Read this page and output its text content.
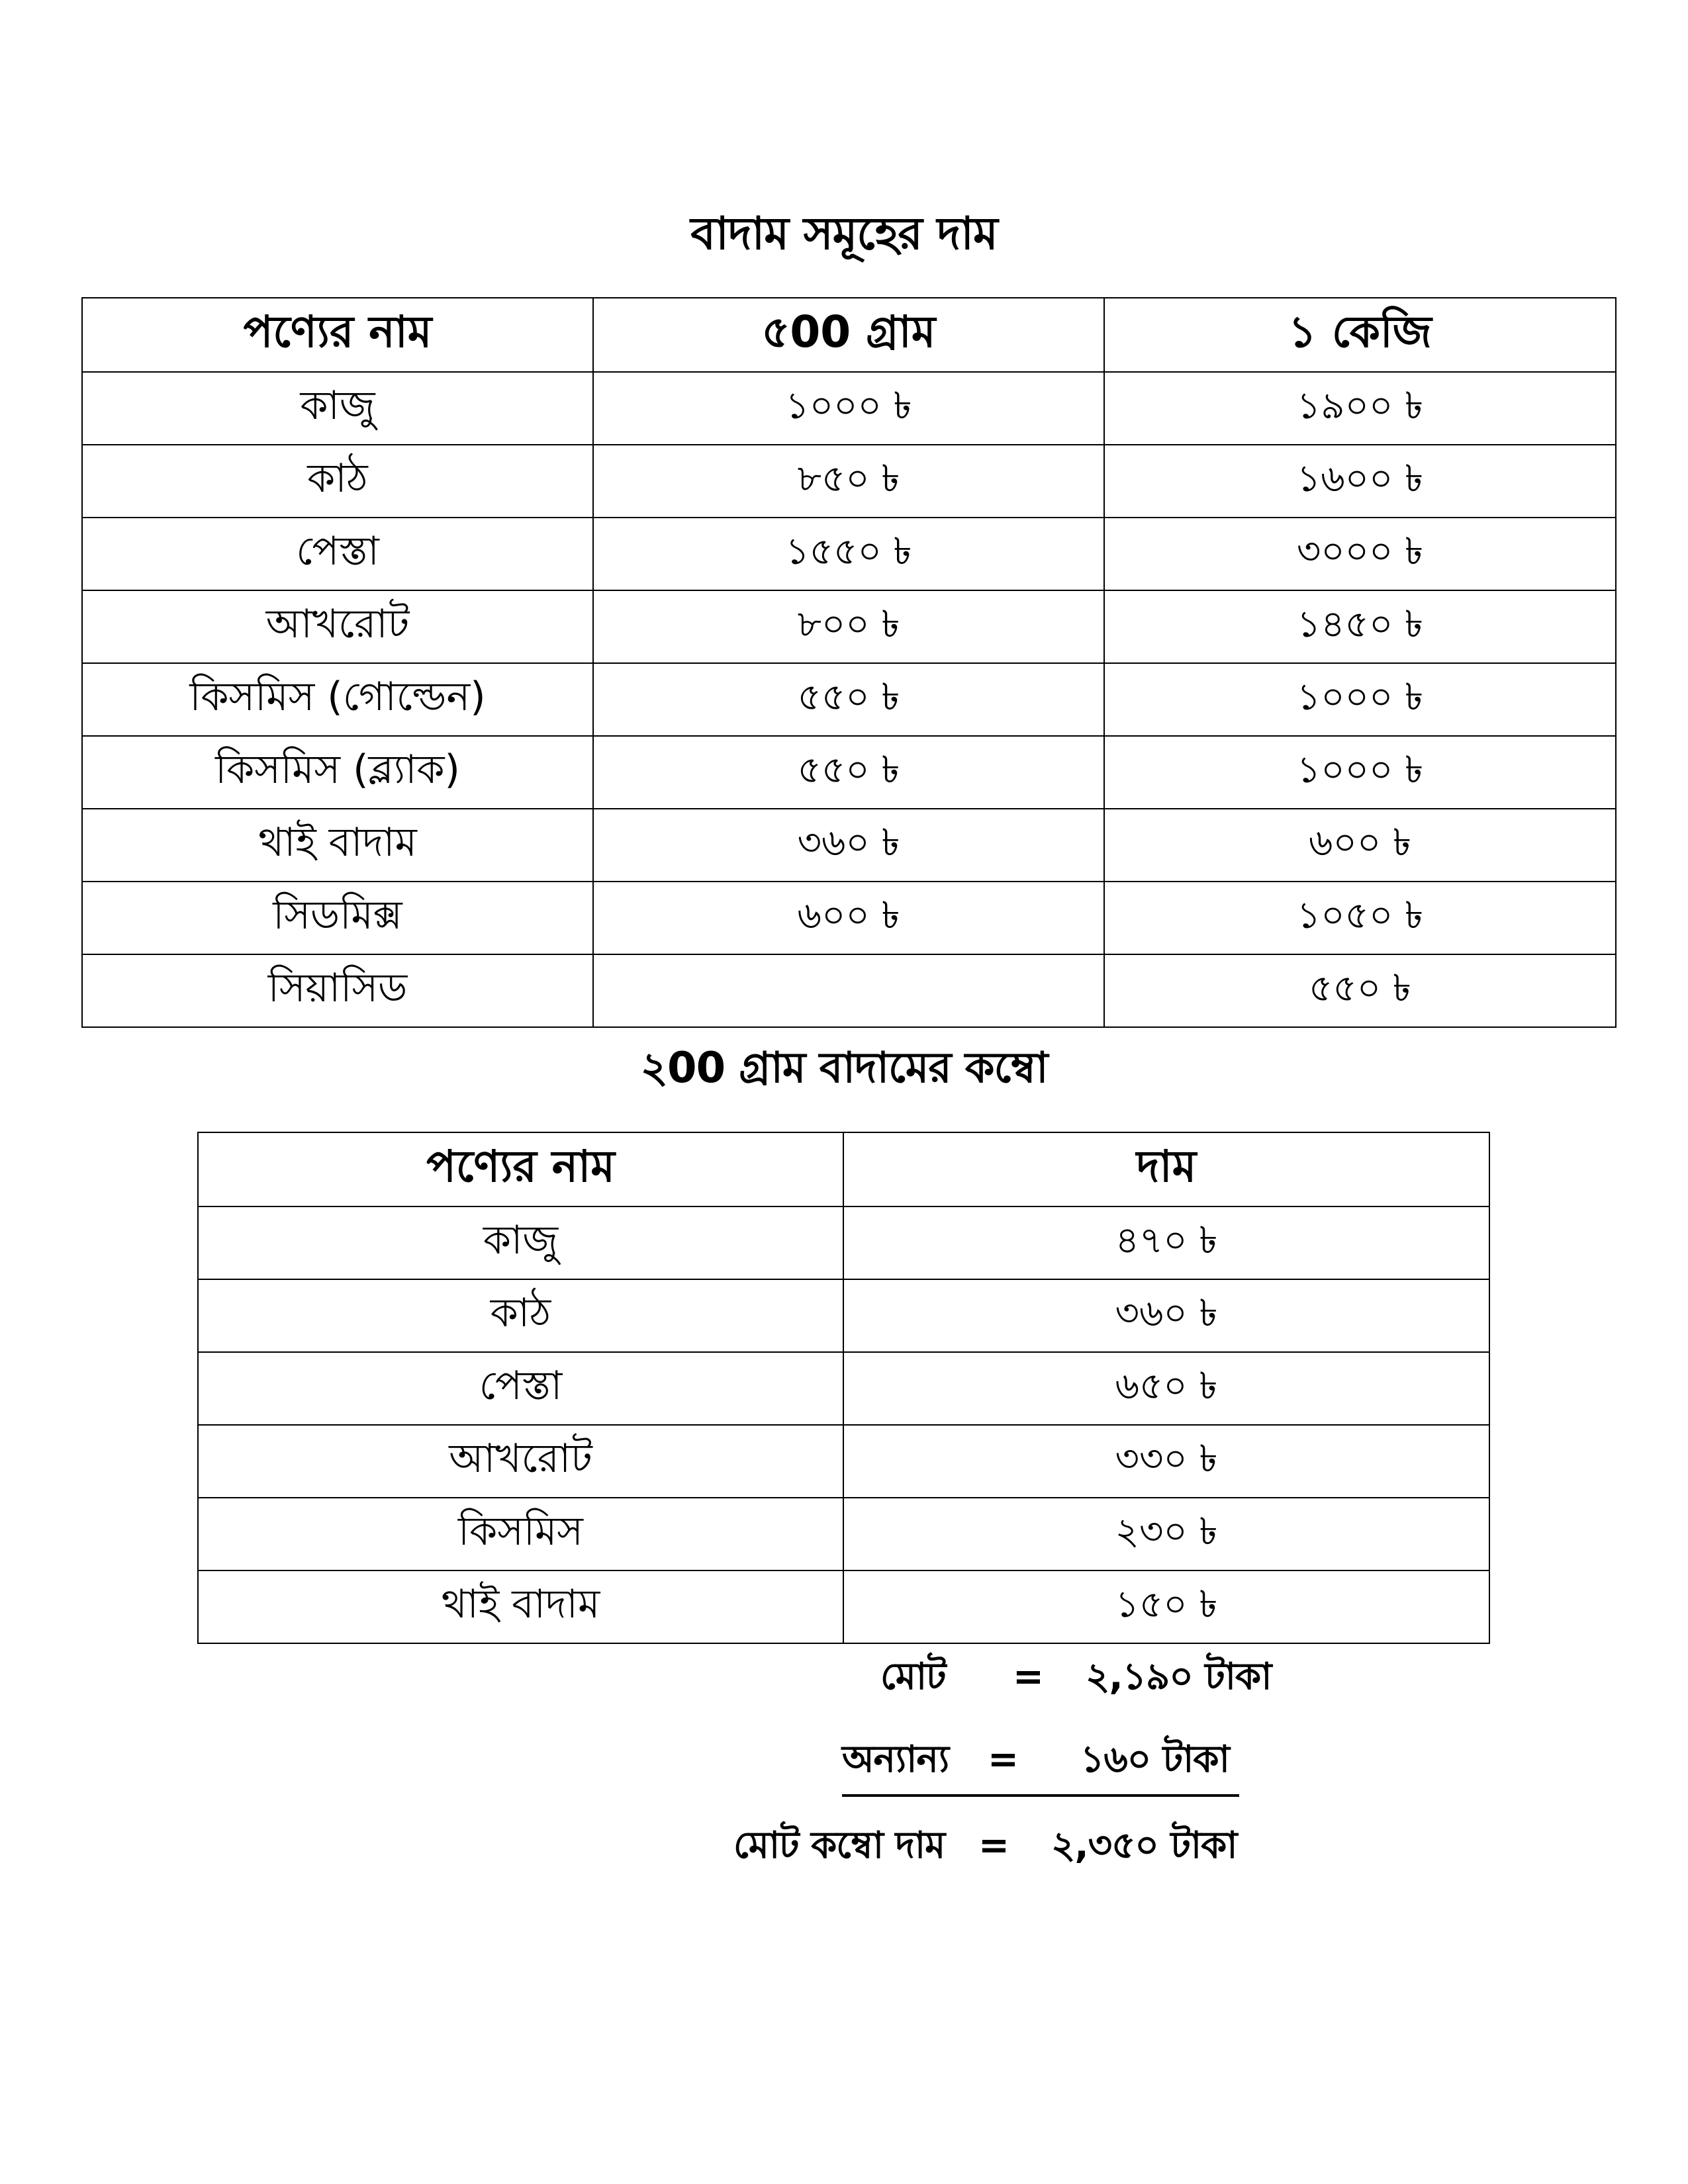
বাদাম সমূহের দাম
পণ্যের নাম	৫00 গ্রাম	১ কেজি
কাজু	১০০০ ৳	১৯০০ ৳
কাঠ	৮৫০ ৳	১৬০০ ৳
পেস্তা	১৫৫০ ৳	৩০০০ ৳
আখরোট	৮০০ ৳	১৪৫০ ৳
কিসমিস (গোল্ডেন)	৫৫০ ৳	১০০০ ৳
কিসমিস (ব্ল্যাক)	৫৫০ ৳	১০০০ ৳
থাই বাদাম	৩৬০ ৳	৬০০ ৳
সিডমিক্স	৬০০ ৳	১০৫০ ৳
সিয়াসিড		৫৫০ ৳
২00 গ্রাম বাদামের কম্বো
পণ্যের নাম	দাম
কাজু	৪৭০ ৳
কাঠ	৩৬০ ৳
পেস্তা	৬৫০ ৳
আখরোট	৩৩০ ৳
কিসমিস	২৩০ ৳
থাই বাদাম	১৫০ ৳
মোট = ২,১৯০ টাকা
অন্যান্য = ১৬০ টাকা
মোট কম্বো দাম = ২,৩৫০ টাকা
